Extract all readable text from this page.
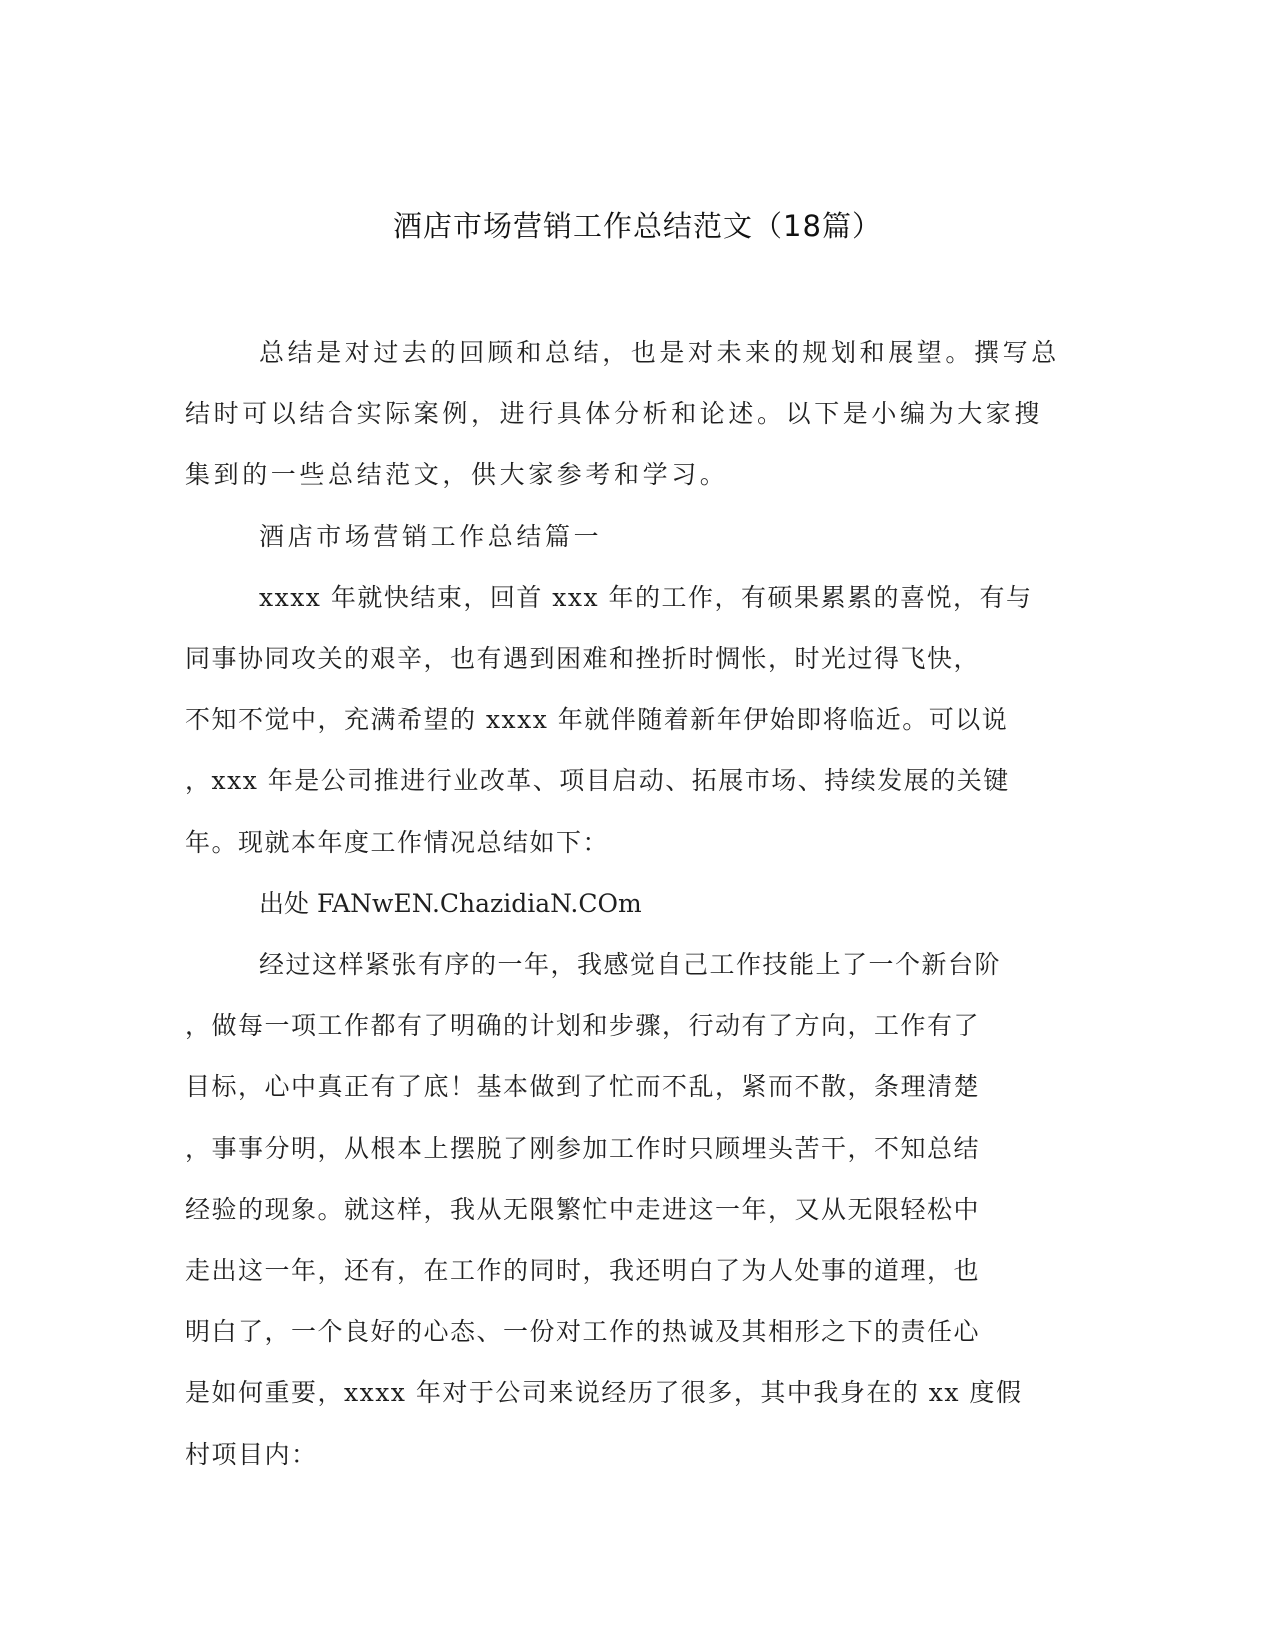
酒店市场营销工作总结范文（18篇）

总结是对过去的回顾和总结，也是对未来的规划和展望。撰写总
结时可以结合实际案例，进行具体分析和论述。以下是小编为大家搜
集到的一些总结范文，供大家参考和学习。

酒店市场营销工作总结篇一

xxxx 年就快结束，回首 xxx 年的工作，有硕果累累的喜悦，有与
同事协同攻关的艰辛，也有遇到困难和挫折时惆怅，时光过得飞快，
不知不觉中，充满希望的 xxxx 年就伴随着新年伊始即将临近。可以说
，xxx 年是公司推进行业改革、项目启动、拓展市场、持续发展的关键
年。现就本年度工作情况总结如下：

出处 FANwEN.ChazidiaN.COm

经过这样紧张有序的一年，我感觉自己工作技能上了一个新台阶
，做每一项工作都有了明确的计划和步骤，行动有了方向，工作有了
目标，心中真正有了底！基本做到了忙而不乱，紧而不散，条理清楚
，事事分明，从根本上摆脱了刚参加工作时只顾埋头苦干，不知总结
经验的现象。就这样，我从无限繁忙中走进这一年，又从无限轻松中
走出这一年，还有，在工作的同时，我还明白了为人处事的道理，也
明白了，一个良好的心态、一份对工作的热诚及其相形之下的责任心
是如何重要，xxxx 年对于公司来说经历了很多，其中我身在的 xx 度假
村项目内：
